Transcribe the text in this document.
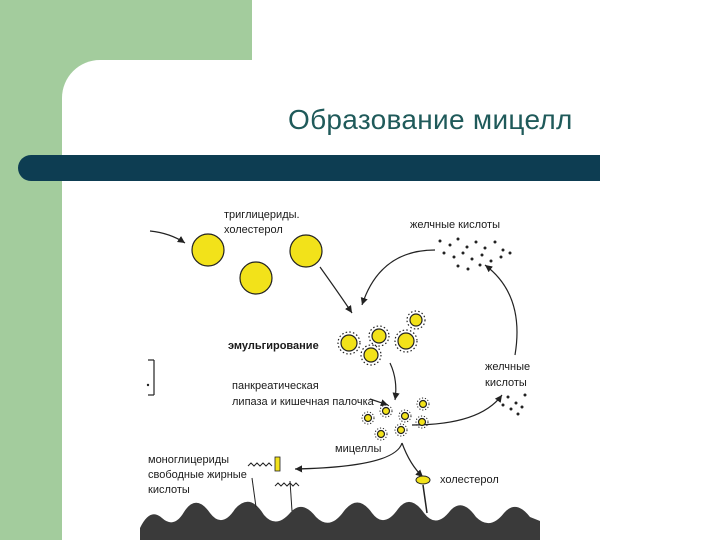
Образование мицелл
триглицериды.
холестерол	желчные кислоты
эмульгирование
желчные
кислоты
панкреатическая
липаза и кишечная палочка
мицеллы
моноглицериды
свободные жирные
кислоты
холестерол
